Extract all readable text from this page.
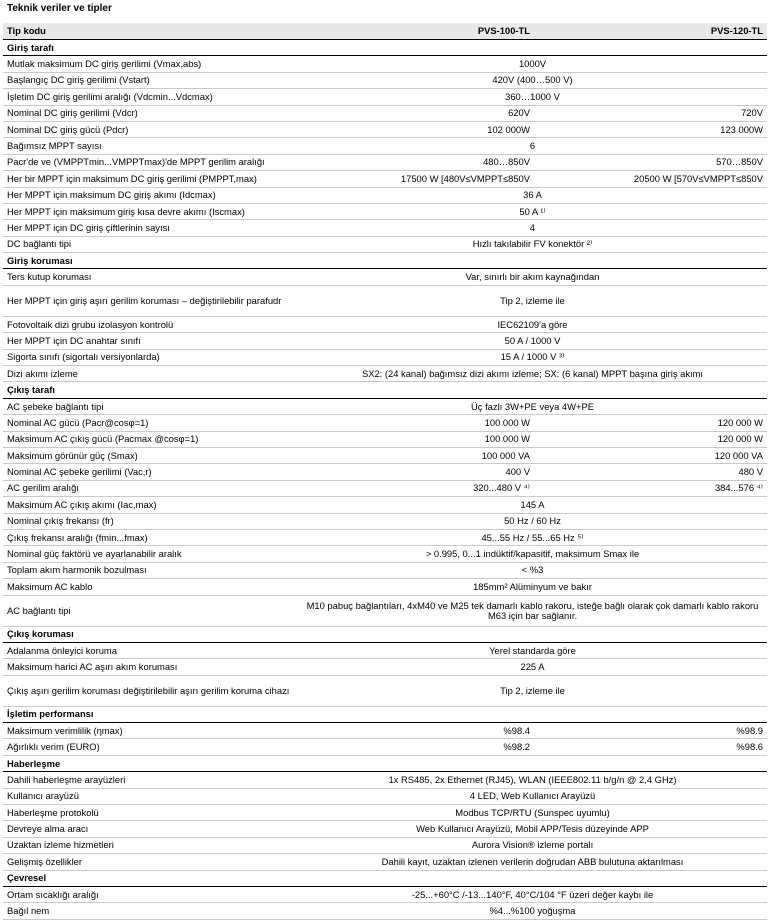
Teknik veriler ve tipler
Tip kodu	PVS-100-TL	PVS-120-TL
Giriş tarafı		
Mutlak maksimum DC giriş gerilimi (Vmax,abs)	1000V	
Başlangıç DC giriş gerilimi (Vstart)	420V (400…500 V)	
İşletim DC giriş gerilimi aralığı (Vdcmin...Vdcmax)	360…1000 V	
Nominal DC giriş gerilimi (Vdcr)	620V	720V
Nominal DC giriş gücü (Pdcr)	102 000W	123 000W
Bağımsız MPPT sayısı	6	
Pacr'de ve (VMPPTmin...VMPPTmax)'de MPPT gerilim aralığı	480…850V	570…850V
Her bir MPPT için maksimum DC giriş gerilimi (PMPPT,max)	17500 W [480V≤VMPPT≤850V	20500 W [570V≤VMPPT≤850V
Her MPPT için maksimum DC giriş akımı (Idcmax)	36 A	
Her MPPT için maksimum giriş kısa devre akımı (Iscmax)	50 A ¹⁾	
Her MPPT için DC giriş çiftlerinin sayısı	4	
DC bağlantı tipi	Hızlı takılabilir FV konektör ²⁾	
Giriş koruması		
Ters kutup koruması	Var, sınırlı bir akım kaynağından	
Her MPPT için giriş aşırı gerilim koruması – değiştirilebilir parafudr	Tip 2, izleme ile	
Fotovoltaik dizi grubu izolasyon kontrolü	IEC62109'a göre	
Her MPPT için DC anahtar sınıfı	50 A / 1000 V	
Sigorta sınıfı (sigortalı versiyonlarda)	15 A / 1000 V ³⁾	
Dizi akımı izleme	SX2: (24 kanal) bağımsız dizi akımı izleme; SX: (6 kanal) MPPT başına giriş akımı	
Çıkış tarafı		
AC şebeke bağlantı tipi	Üç fazlı 3W+PE veya 4W+PE	
Nominal AC gücü (Pacr@cosφ=1)	100 000 W	120 000 W
Maksimum AC çıkış gücü (Pacmax @cosφ=1)	100 000 W	120 000 W
Maksimum görünür güç (Smax)	100 000 VA	120 000 VA
Nominal AC şebeke gerilimi (Vac,r)	400 V	480 V
AC gerilim aralığı	320...480 V ⁴⁾	384...576 ⁴⁾
Maksimum AC çıkış akımı (Iac,max)	145 A	
Nominal çıkış frekansı (fr)	50 Hz / 60 Hz	
Çıkış frekansı aralığı (fmin...fmax)	45...55 Hz / 55...65 Hz ⁵⁾	
Nominal güç faktörü ve ayarlanabilir aralık	> 0.995, 0...1 indüktif/kapasitif, maksimum Smax ile	
Toplam akım harmonik bozulması	< %3	
Maksimum AC kablo	185mm² Alüminyum ve bakır	
AC bağlantı tipi	M10 pabuç bağlantıları, 4xM40 ve M25 tek damarlı kablo rakoru, isteğe bağlı olarak çok damarlı kablo rakoru M63 için bar sağlanır.	
Çıkış koruması		
Adalanma önleyici koruma	Yerel standarda göre	
Maksimum harici AC aşırı akım koruması	225 A	
Çıkış aşırı gerilim koruması değiştirilebilir aşırı gerilim koruma cihazı	Tip 2, izleme ile	
İşletim performansı		
Maksimum verimlilik (ηmax)	%98.4	%98.9
Ağırlıklı verim (EURO)	%98.2	%98.6
Haberleşme		
Dahili haberleşme arayüzleri	1x RS485, 2x Ethernet (RJ45), WLAN (IEEE802.11 b/g/n @ 2,4 GHz)	
Kullanıcı arayüzü	4 LED, Web Kullanıcı Arayüzü	
Haberleşme protokolü	Modbus TCP/RTU (Sunspec uyumlu)	
Devreye alma aracı	Web Kullanıcı Arayüzü, Mobil APP/Tesis düzeyinde APP	
Uzaktan izleme hizmetleri	Aurora Vision® izleme portalı	
Gelişmiş özellikler	Dahili kayıt, uzaktan izlenen verilerin doğrudan ABB bulutuna aktarılması	
Çevresel		
Ortam sıcaklığı aralığı	-25...+60°C /-13...140°F, 40°C/104 °F üzeri değer kaybı ile	
Bağıl nem	%4...%100 yoğuşma	
